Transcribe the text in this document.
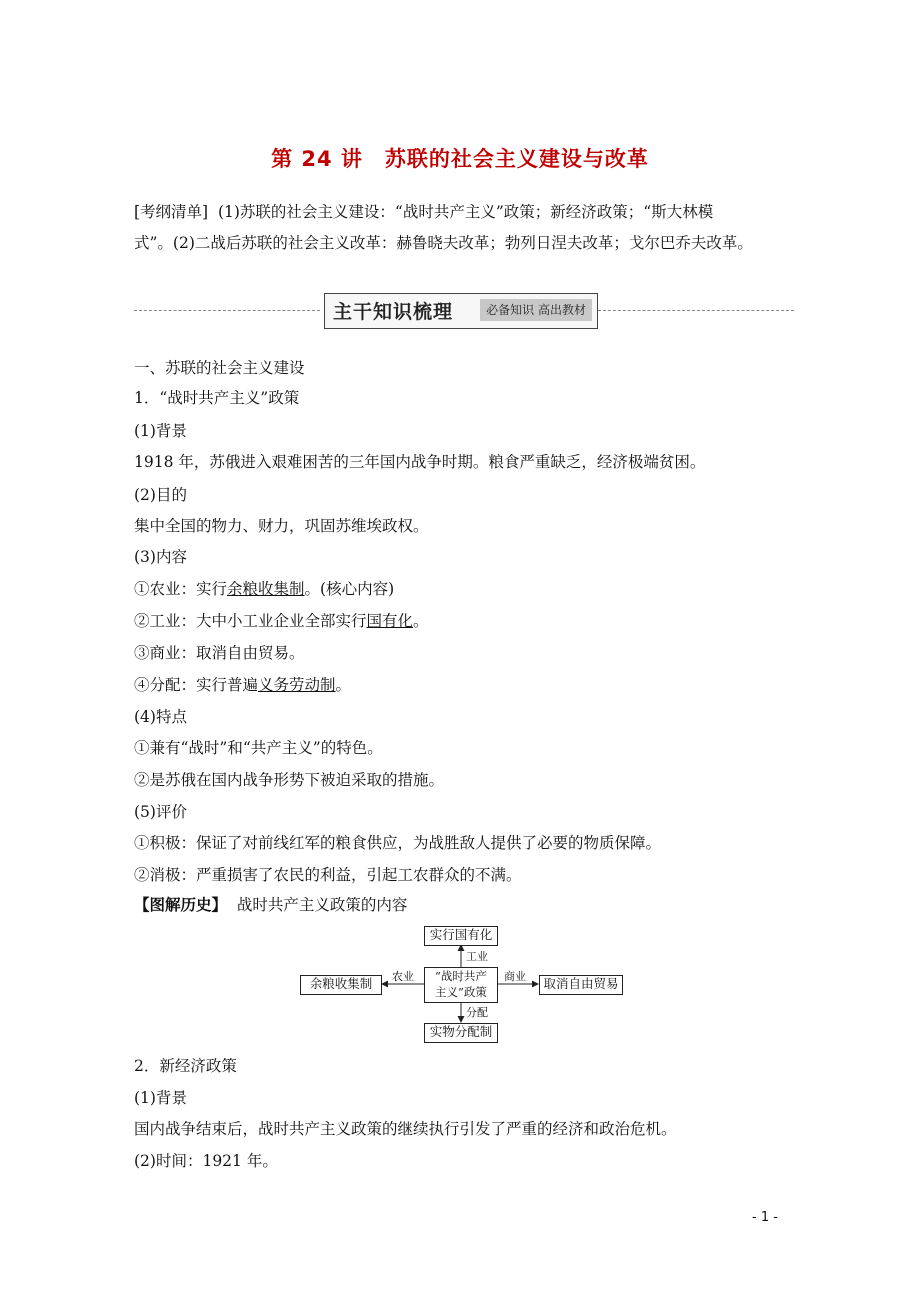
第 24 讲 苏联的社会主义建设与改革
[考纲清单] (1)苏联的社会主义建设：“战时共产主义”政策；新经济政策；“斯大林模
式”。(2)二战后苏联的社会主义改革：赫鲁晓夫改革；勃列日涅夫改革；戈尔巴乔夫改革。
主干知识梳理	必备知识 高出教材
一、苏联的社会主义建设
1．“战时共产主义”政策
(1)背景
1918 年，苏俄进入艰难困苦的三年国内战争时期。粮食严重缺乏，经济极端贫困。
(2)目的
集中全国的物力、财力，巩固苏维埃政权。
(3)内容
①农业：实行余粮收集制。(核心内容)
②工业：大中小工业企业全部实行国有化。
③商业：取消自由贸易。
④分配：实行普遍义务劳动制。
(4)特点
①兼有“战时”和“共产主义”的特色。
②是苏俄在国内战争形势下被迫采取的措施。
(5)评价
①积极：保证了对前线红军的粮食供应，为战胜敌人提供了必要的物质保障。
②消极：严重损害了农民的利益，引起工农群众的不满。
【图解历史】 战时共产主义政策的内容
实行国有化
“战时共产
主义”政策
余粮收集制	取消自由贸易
实物分配制
工业
农业	商业
分配
2．新经济政策
(1)背景
国内战争结束后，战时共产主义政策的继续执行引发了严重的经济和政治危机。
(2)时间：1921 年。
- 1 -
